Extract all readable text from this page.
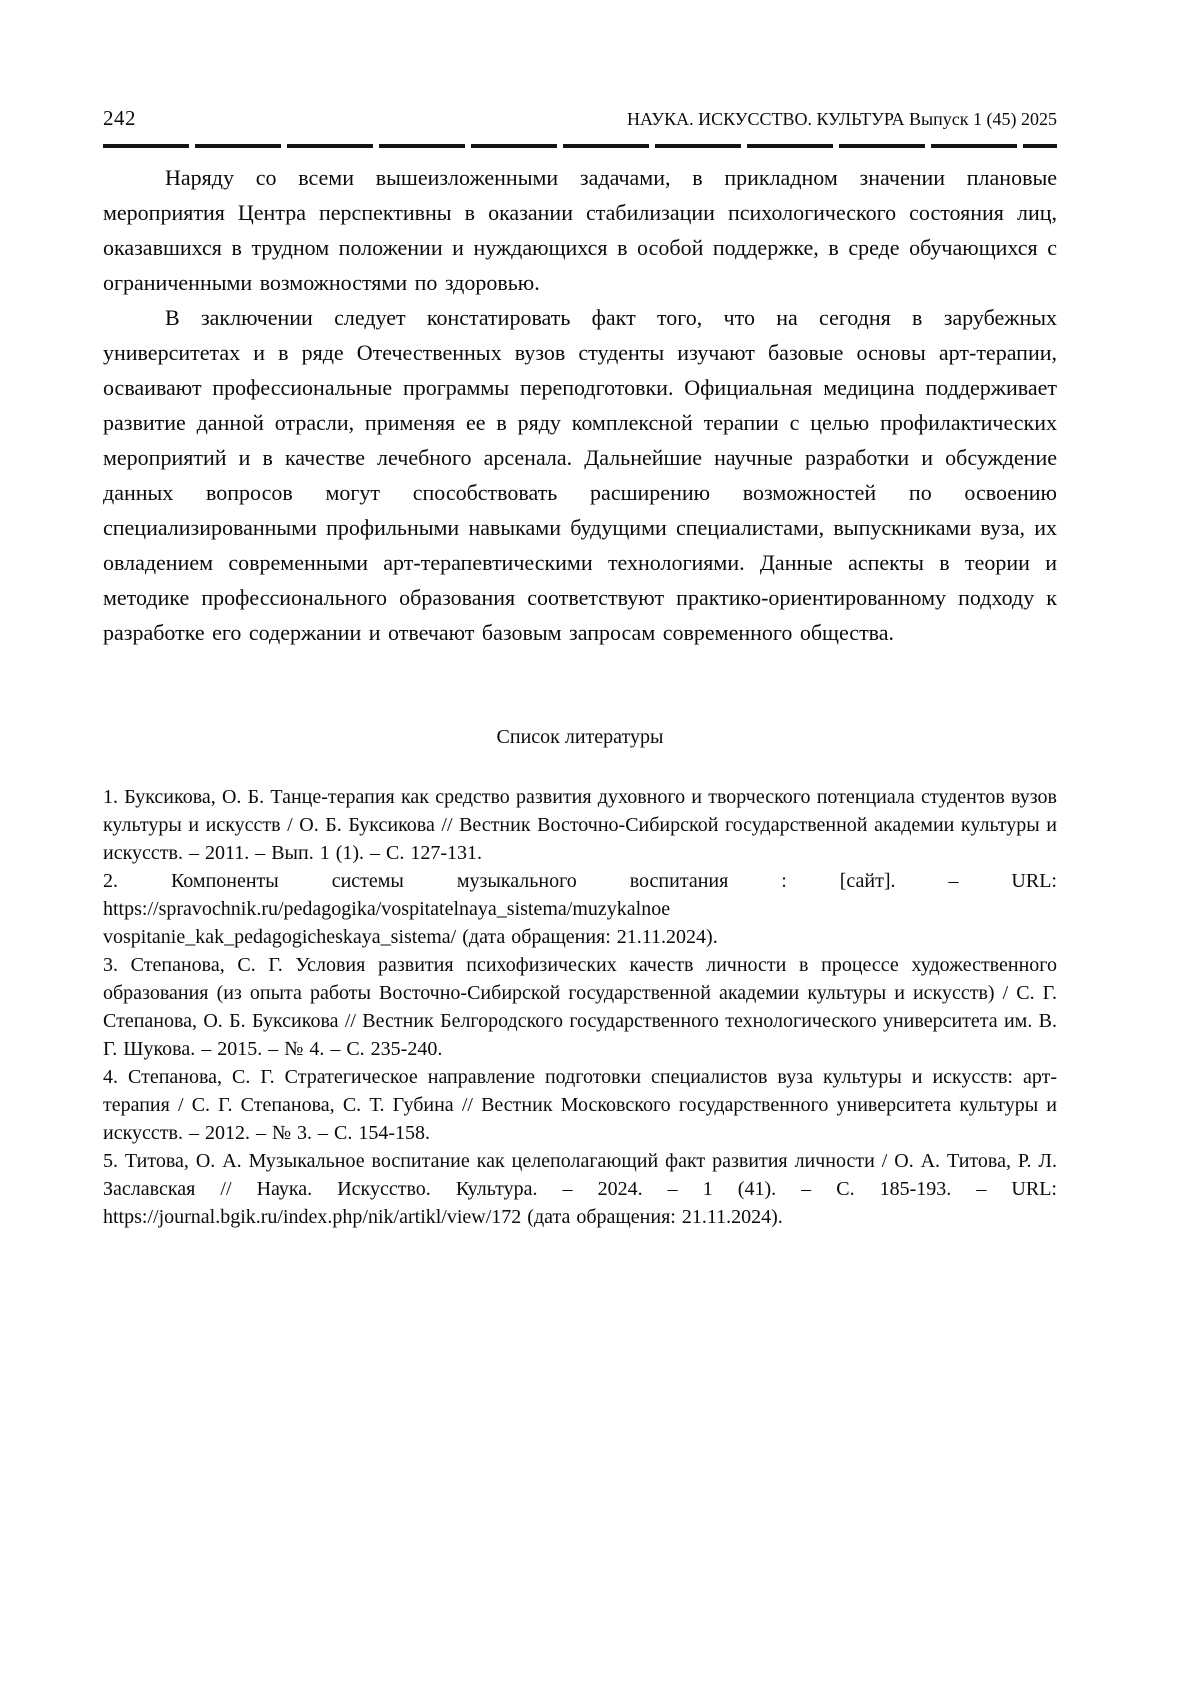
242	НАУКА. ИСКУССТВО. КУЛЬТУРА Выпуск 1 (45) 2025

Наряду со всеми вышеизложенными задачами, в прикладном значении плановые мероприятия Центра перспективны в оказании стабилизации психологического состояния лиц, оказавшихся в трудном положении и нуждающихся в особой поддержке, в среде обучающихся с ограниченными возможностями по здоровью.

В заключении следует констатировать факт того, что на сегодня в зарубежных университетах и в ряде Отечественных вузов студенты изучают базовые основы арт-терапии, осваивают профессиональные программы переподготовки. Официальная медицина поддерживает развитие данной отрасли, применяя ее в ряду комплексной терапии с целью профилактических мероприятий и в качестве лечебного арсенала. Дальнейшие научные разработки и обсуждение данных вопросов могут способствовать расширению возможностей по освоению специализированными профильными навыками будущими специалистами, выпускниками вуза, их овладением современными арт-терапевтическими технологиями. Данные аспекты в теории и методике профессионального образования соответствуют практико-ориентированному подходу к разработке его содержании и отвечают базовым запросам современного общества.

Список литературы

1. Буксикова, О. Б. Танце-терапия как средство развития духовного и творческого потенциала студентов вузов культуры и искусств / О. Б. Буксикова // Вестник Восточно-Сибирской государственной академии культуры и искусств. – 2011. – Вып. 1 (1). – С. 127-131.

2. Компоненты системы музыкального воспитания : [сайт]. – URL:
https://spravochnik.ru/pedagogika/vospitatelnaya_sistema/muzykalnoe
vospitanie_kak_pedagogicheskaya_sistema/ (дата обращения: 21.11.2024).

3. Степанова, С. Г. Условия развития психофизических качеств личности в процессе художественного образования (из опыта работы Восточно-Сибирской государственной академии культуры и искусств) / С. Г. Степанова, О. Б. Буксикова // Вестник Белгородского государственного технологического университета им. В. Г. Шукова. – 2015. – № 4. – С. 235-240.

4. Степанова, С. Г. Стратегическое направление подготовки специалистов вуза культуры и искусств: арт-терапия / С. Г. Степанова, С. Т. Губина // Вестник Московского государственного университета культуры и искусств. – 2012. – № 3. – С. 154-158.

5. Титова, О. А. Музыкальное воспитание как целеполагающий факт развития личности / О. А. Титова, Р. Л. Заславская // Наука. Искусство. Культура. – 2024. – 1 (41). – С. 185-193. – URL: https://journal.bgik.ru/index.php/nik/artikl/view/172 (дата обращения: 21.11.2024).
